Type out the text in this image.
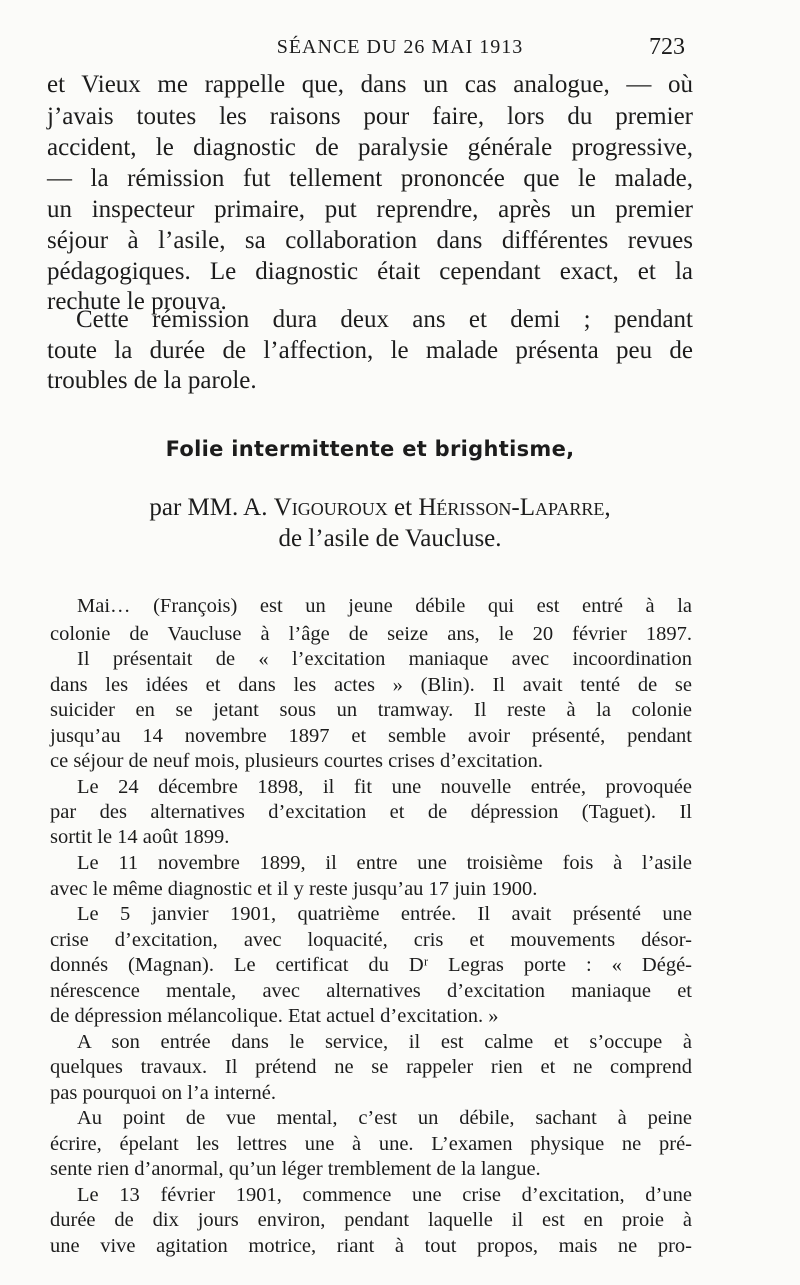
SÉANCE DU 26 MAI 1913	723
et Vieux me rappelle que, dans un cas analogue, — où
j’avais toutes les raisons pour faire, lors du premier
accident, le diagnostic de paralysie générale progressive,
— la rémission fut tellement prononcée que le malade,
un inspecteur primaire, put reprendre, après un premier
séjour à l’asile, sa collaboration dans différentes revues
pédagogiques. Le diagnostic était cependant exact, et la
rechute le prouva.
Cette rémission dura deux ans et demi ; pendant
toute la durée de l’affection, le malade présenta peu de
troubles de la parole.
Folie intermittente et brightisme,
par MM. A. Vigouroux et Hérisson-Laparre,
de l’asile de Vaucluse.
Mai… (François) est un jeune débile qui est entré à la
colonie de Vaucluse à l’âge de seize ans, le 20 février 1897.
Il présentait de « l’excitation maniaque avec incoordination
dans les idées et dans les actes » (Blin). Il avait tenté de se
suicider en se jetant sous un tramway. Il reste à la colonie
jusqu’au 14 novembre 1897 et semble avoir présenté, pendant
ce séjour de neuf mois, plusieurs courtes crises d’excitation.
Le 24 décembre 1898, il fit une nouvelle entrée, provoquée
par des alternatives d’excitation et de dépression (Taguet). Il
sortit le 14 août 1899.
Le 11 novembre 1899, il entre une troisième fois à l’asile
avec le même diagnostic et il y reste jusqu’au 17 juin 1900.
Le 5 janvier 1901, quatrième entrée. Il avait présenté une
crise d’excitation, avec loquacité, cris et mouvements désor-
donnés (Magnan). Le certificat du Dʳ Legras porte : « Dégé-
nérescence mentale, avec alternatives d’excitation maniaque et
de dépression mélancolique. Etat actuel d’excitation. »
A son entrée dans le service, il est calme et s’occupe à
quelques travaux. Il prétend ne se rappeler rien et ne comprend
pas pourquoi on l’a interné.
Au point de vue mental, c’est un débile, sachant à peine
écrire, épelant les lettres une à une. L’examen physique ne pré-
sente rien d’anormal, qu’un léger tremblement de la langue.
Le 13 février 1901, commence une crise d’excitation, d’une
durée de dix jours environ, pendant laquelle il est en proie à
une vive agitation motrice, riant à tout propos, mais ne pro-
